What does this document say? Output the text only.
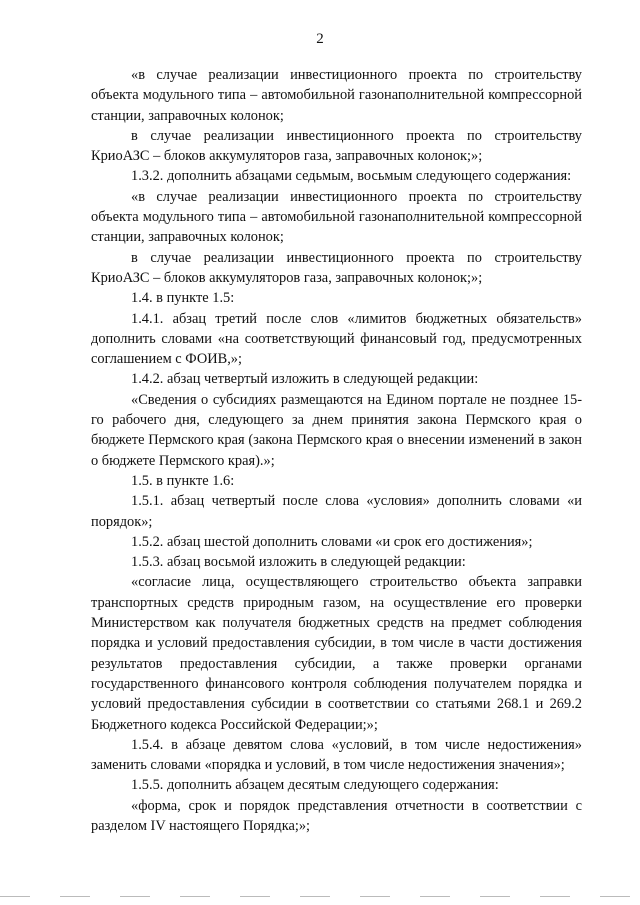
2

«в случае реализации инвестиционного проекта по строительству объекта модульного типа – автомобильной газонаполнительной компрессорной станции, заправочных колонок;

в случае реализации инвестиционного проекта по строительству КриоАЗС – блоков аккумуляторов газа, заправочных колонок;»;

1.3.2. дополнить абзацами седьмым, восьмым следующего содержания:

«в случае реализации инвестиционного проекта по строительству объекта модульного типа – автомобильной газонаполнительной компрессорной станции, заправочных колонок;

в случае реализации инвестиционного проекта по строительству КриоАЗС – блоков аккумуляторов газа, заправочных колонок;»;

1.4. в пункте 1.5:

1.4.1. абзац третий после слов «лимитов бюджетных обязательств» дополнить словами «на соответствующий финансовый год, предусмотренных соглашением с ФОИВ,»;

1.4.2. абзац четвертый изложить в следующей редакции:

«Сведения о субсидиях размещаются на Едином портале не позднее 15-го рабочего дня, следующего за днем принятия закона Пермского края о бюджете Пермского края (закона Пермского края о внесении изменений в закон о бюджете Пермского края).»;

1.5. в пункте 1.6:

1.5.1. абзац четвертый после слова «условия» дополнить словами «и порядок»;

1.5.2. абзац шестой дополнить словами «и срок его достижения»;

1.5.3. абзац восьмой изложить в следующей редакции:

«согласие лица, осуществляющего строительство объекта заправки транспортных средств природным газом, на осуществление его проверки Министерством как получателя бюджетных средств на предмет соблюдения порядка и условий предоставления субсидии, в том числе в части достижения результатов предоставления субсидии, а также проверки органами государственного финансового контроля соблюдения получателем порядка и условий предоставления субсидии в соответствии со статьями 268.1 и 269.2 Бюджетного кодекса Российской Федерации;»;

1.5.4. в абзаце девятом слова «условий, в том числе недостижения» заменить словами «порядка и условий, в том числе недостижения значения»;

1.5.5. дополнить абзацем десятым следующего содержания:

«форма, срок и порядок представления отчетности в соответствии с разделом IV настоящего Порядка;»;
